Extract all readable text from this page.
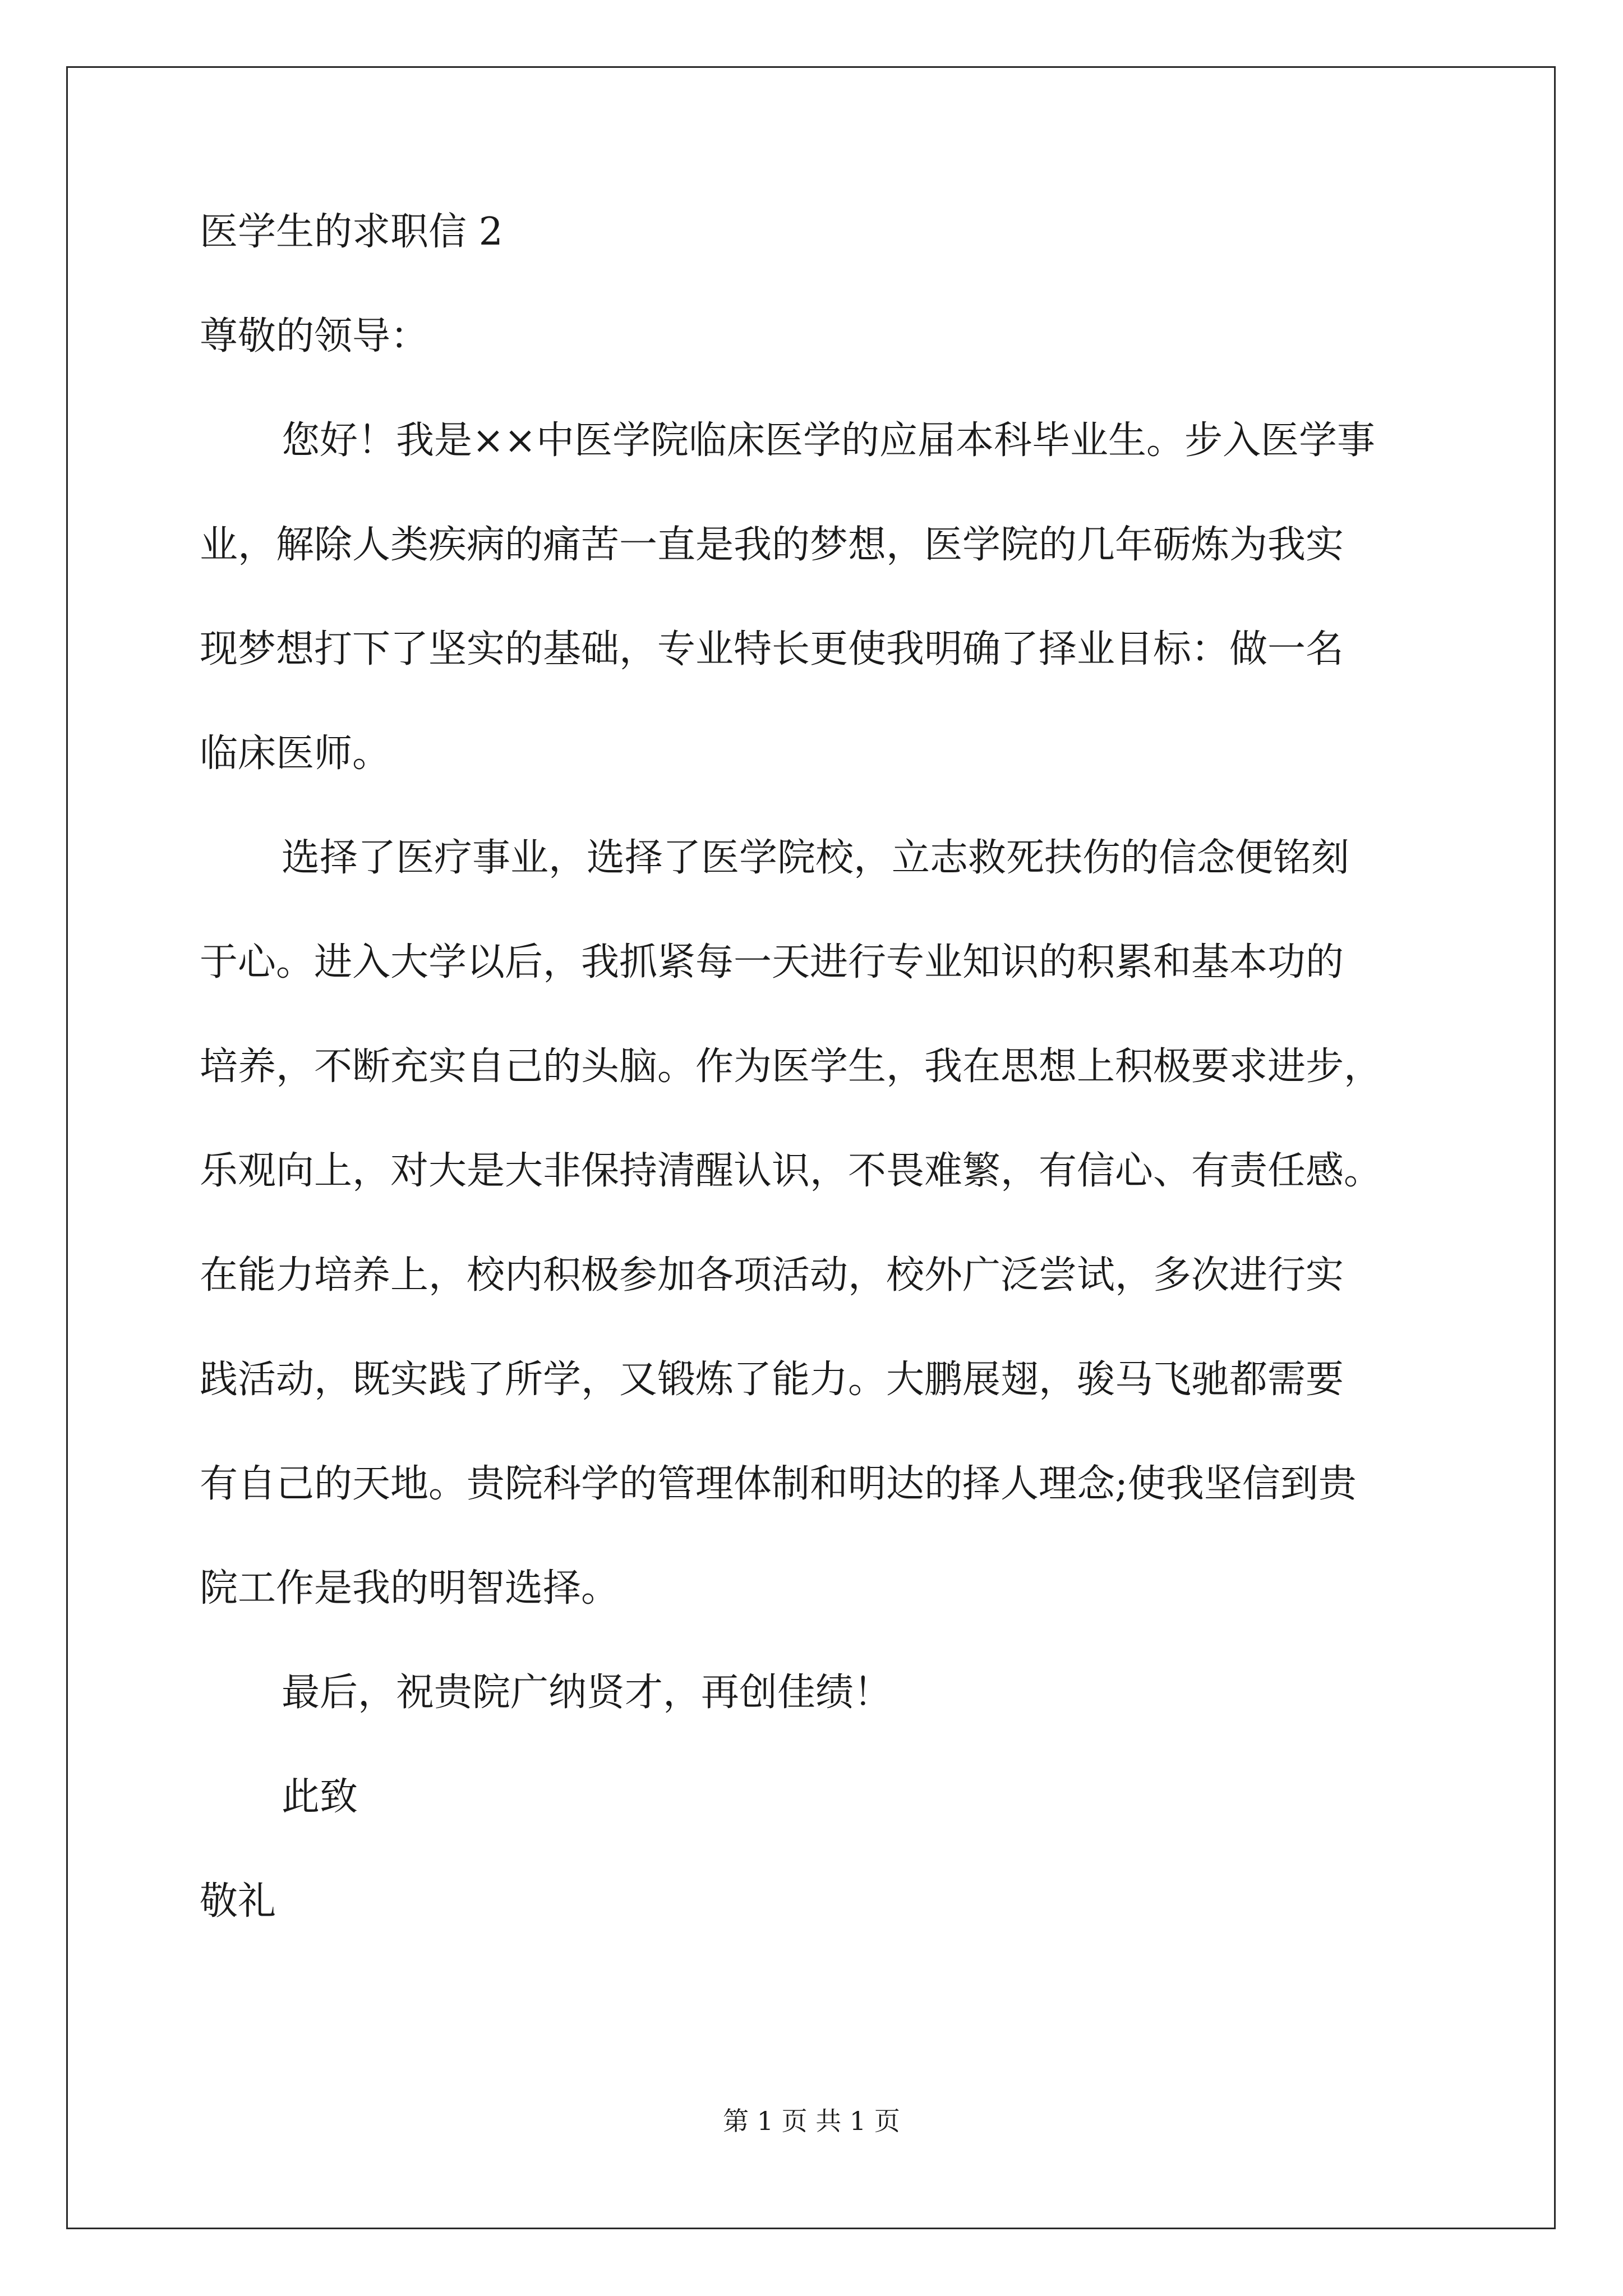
医学生的求职信 2
尊敬的领导：
您好！我是××中医学院临床医学的应届本科毕业生。步入医学事
业，解除人类疾病的痛苦一直是我的梦想，医学院的几年砺炼为我实
现梦想打下了坚实的基础，专业特长更使我明确了择业目标：做一名
临床医师。
选择了医疗事业，选择了医学院校，立志救死扶伤的信念便铭刻
于心。进入大学以后，我抓紧每一天进行专业知识的积累和基本功的
培养，不断充实自己的头脑。作为医学生，我在思想上积极要求进步，
乐观向上，对大是大非保持清醒认识，不畏难繁，有信心、有责任感。
在能力培养上，校内积极参加各项活动，校外广泛尝试，多次进行实
践活动，既实践了所学，又锻炼了能力。大鹏展翅，骏马飞驰都需要
有自己的天地。贵院科学的管理体制和明达的择人理念;使我坚信到贵
院工作是我的明智选择。
最后，祝贵院广纳贤才，再创佳绩！
此致
敬礼
第 1 页 共 1 页
